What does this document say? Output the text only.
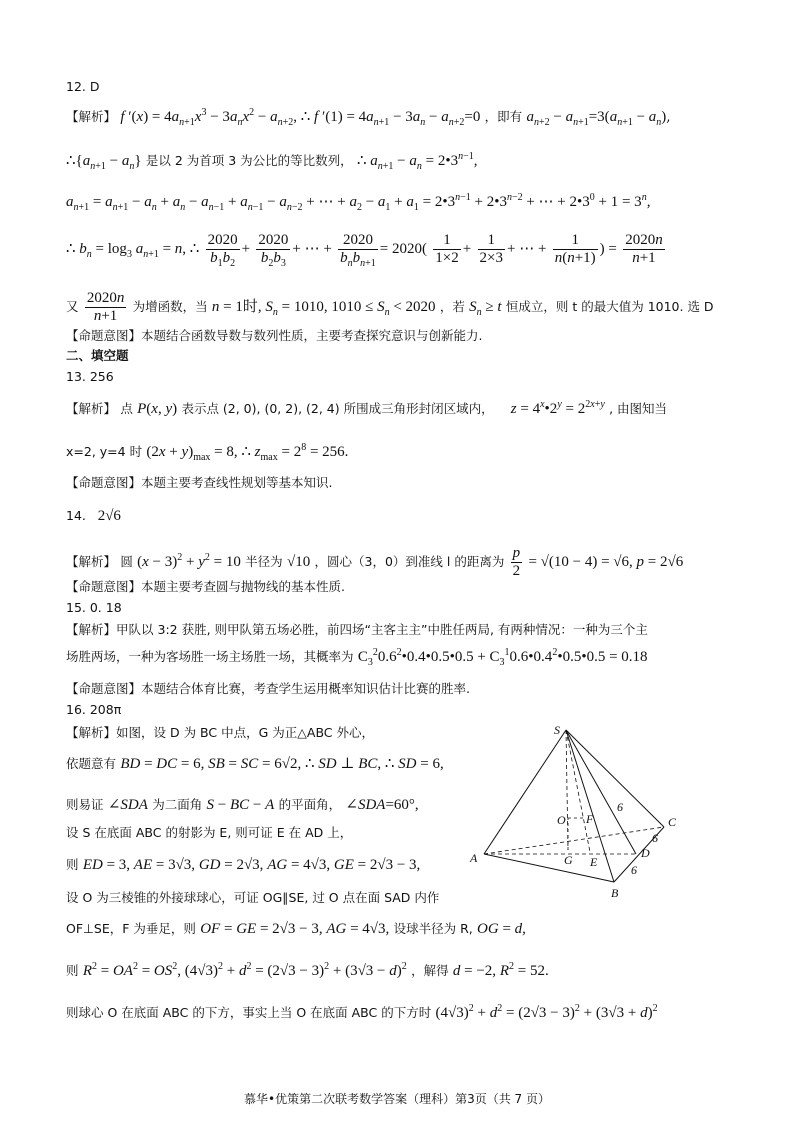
12. D
【解析】 f $'(x) = 4a_{n+1}x^3 - 3a_nx^2 - a_{n+2}$, ∴ f $'(1) = 4a_{n+1} - 3a_n - a_{n+2}=0$ ，即有 $a_{n+2} - a_{n+1}=3(a_{n+1} - a_n)$,
$\therefore\{a_{n+1} - a_n\}$ 是以 2 为首项 3 为公比的等比数列， ∴ $a_{n+1} - a_n$ = $2•3^{n-1}$,
$a_{n+1} = a_{n+1} - a_n + a_n - a_{n-1} + a_{n-1} - a_{n-2}$ + ⋯ + $a_2 - a_1 + a_1$ = $2•3^{n-1}$ + $2•3^{n-2}$ + ⋯ + $2•3^0 + 1 = 3^n$,
∴ $b_n = \log_3 a_{n+1} = n$, ∴ $\frac{2020}{b_1b_2} + \frac{2020}{b_2b_3}$ + ⋯ + $\frac{2020}{b_nb_{n+1}} = 2020( \frac{1}{1\times 2} + \frac{1}{2\times 3}$ + ⋯ + $\frac{1}{n(n+1)}$ ) = $\frac{2020n}{n+1}$
又 $\frac{2020n}{n+1}$ 为增函数，当 n = 1时, $S_n = 1010$, $1010 \le S_n < 2020$ ，若 $S_n \ge t$ 恒成立，则 t 的最大值为 1010. 选 D
【命题意图】本题结合函数导数与数列性质，主要考查探究意识与创新能力.
二、填空题
13. 256
【解析】 点 P(x, y) 表示点 (2, 0), (0, 2), (2, 4) 所围成三角形封闭区域内， $z = 4^x•2^y = 2^{2x+y}$ , 由图知当
x=2, y=4 时 $(2x + y)_{max} = 8$, ∴ $z_{max} = 2^8 = 256$.
【命题意图】本题主要考查线性规划等基本知识.
14.   2√6
【解析】 圆 $(x - 3)^2 + y^2 = 10$ 半径为 √10 ，圆心（3，0）到准线 l 的距离为 $\frac{p}{2} = √(10 - 4) = √6$, p = 2√6
【命题意图】本题主要考查圆与抛物线的基本性质.
15. 0. 18
【解析】甲队以 3:2 获胜, 则甲队第五场必胜，前四场“主客主主”中胜任两局, 有两种情况：一种为三个主
场胜两场，一种为客场胜一场主场胜一场，其概率为 $C_3^20.6^2•0.4•0.5•0.5$ + $C_3^10.6•0.4^2•0.5•0.5 = 0.18$
【命题意图】本题结合体育比赛，考查学生运用概率知识估计比赛的胜率.
16. 208π
【解析】如图，设 D 为 BC 中点，G 为正△ABC 外心，
依题意有 BD = DC = 6, SB = SC = 6√2, ∴ SD ⊥ BC, ∴ SD = 6,
则易证 ∠SDA 为二面角 S − BC − A 的平面角， ∠SDA=60°,
设 S 在底面 ABC 的射影为 E, 则可证 E 在 AD 上，
则 ED = 3, AE = 3√3, GD = 2√3, AG = 4√3, GE = 2√3 − 3,
设 O 为三棱锥的外接球球心，可证 OG∥SE, 过 O 点在面 SAD 内作
OF⊥SE，F 为垂足，则 OF = GE = 2√3 − 3, AG = 4√3, 设球半径为 R, OG = d,
则 $R^2 = OA^2 = OS^2$, $(4√3)^2 + d^2 = (2√3 - 3)^2 + (3√3 - d)^2$ ，解得 d = −2, $R^2 = 52$.
则球心 O 在底面 ABC 的下方，事实上当 O 在底面 ABC 的下方时 $(4√3)^2 + d^2 = (2√3 - 3)^2 + (3√3 + d)^2$
S
C
A
B
D
E
G
O F
6
6
6
慕华•优策第二次联考数学答案（理科）第3页（共 7 页）
